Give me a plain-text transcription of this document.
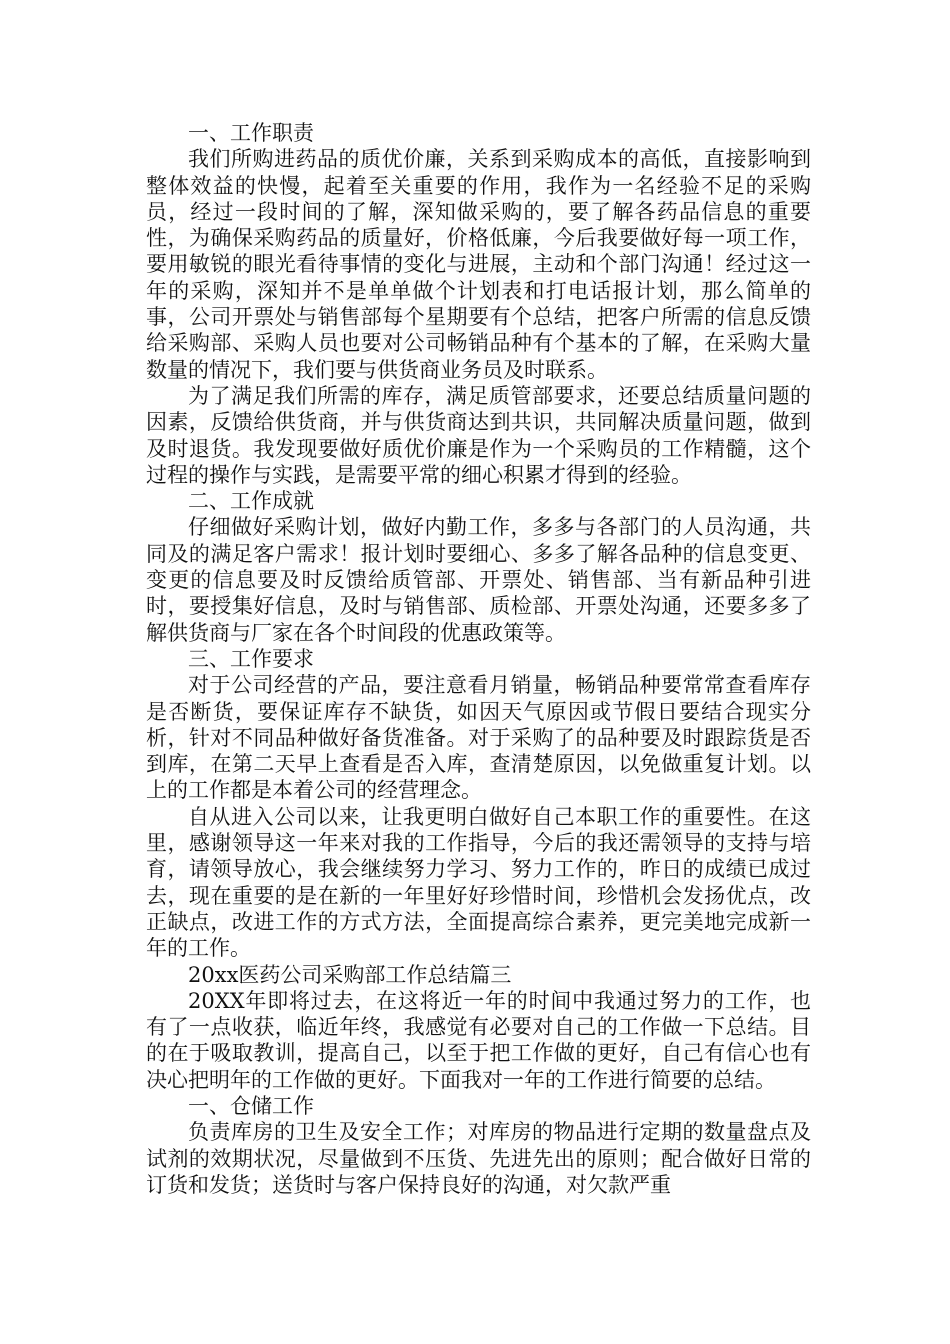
一、工作职责

我们所购进药品的质优价廉，关系到采购成本的高低，直接影响到整体效益的快慢，起着至关重要的作用，我作为一名经验不足的采购员，经过一段时间的了解，深知做采购的，要了解各药品信息的重要性，为确保采购药品的质量好，价格低廉，今后我要做好每一项工作，要用敏锐的眼光看待事情的变化与进展，主动和个部门沟通！经过这一年的采购，深知并不是单单做个计划表和打电话报计划，那么简单的事，公司开票处与销售部每个星期要有个总结，把客户所需的信息反馈给采购部、采购人员也要对公司畅销品种有个基本的了解，在采购大量数量的情况下，我们要与供货商业务员及时联系。

为了满足我们所需的库存，满足质管部要求，还要总结质量问题的因素，反馈给供货商，并与供货商达到共识，共同解决质量问题，做到及时退货。我发现要做好质优价廉是作为一个采购员的工作精髓，这个过程的操作与实践，是需要平常的细心积累才得到的经验。

二、工作成就

仔细做好采购计划，做好内勤工作，多多与各部门的人员沟通，共同及的满足客户需求！报计划时要细心、多多了解各品种的信息变更、变更的信息要及时反馈给质管部、开票处、销售部、当有新品种引进时，要授集好信息，及时与销售部、质检部、开票处沟通，还要多多了解供货商与厂家在各个时间段的优惠政策等。

三、工作要求

对于公司经营的产品，要注意看月销量，畅销品种要常常查看库存是否断货，要保证库存不缺货，如因天气原因或节假日要结合现实分析，针对不同品种做好备货准备。对于采购了的品种要及时跟踪货是否到库，在第二天早上查看是否入库，查清楚原因，以免做重复计划。以上的工作都是本着公司的经营理念。

自从进入公司以来，让我更明白做好自己本职工作的重要性。在这里，感谢领导这一年来对我的工作指导，今后的我还需领导的支持与培育，请领导放心，我会继续努力学习、努力工作的，昨日的成绩已成过去，现在重要的是在新的一年里好好珍惜时间，珍惜机会发扬优点，改正缺点，改进工作的方式方法，全面提高综合素养，更完美地完成新一年的工作。

20xx医药公司采购部工作总结篇三

20XX年即将过去，在这将近一年的时间中我通过努力的工作，也有了一点收获，临近年终，我感觉有必要对自己的工作做一下总结。目的在于吸取教训，提高自己，以至于把工作做的更好，自己有信心也有决心把明年的工作做的更好。下面我对一年的工作进行简要的总结。

一、仓储工作

负责库房的卫生及安全工作；对库房的物品进行定期的数量盘点及试剂的效期状况，尽量做到不压货、先进先出的原则；配合做好日常的订货和发货；送货时与客户保持良好的沟通，对欠款严重
